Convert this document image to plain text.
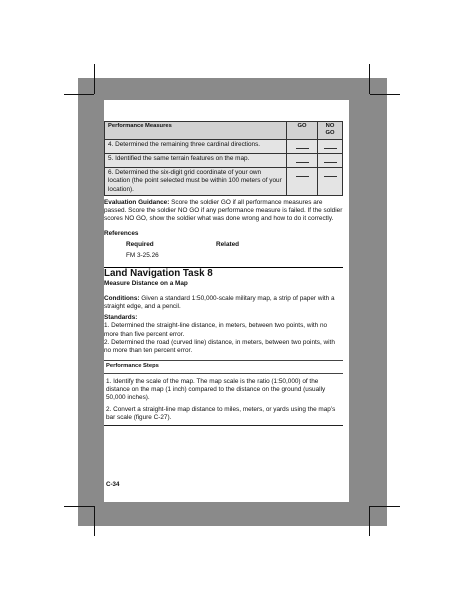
Performance Measures	GO	NO GO
4. Determined the remaining three cardinal directions.		
5. Identified the same terrain features on the map.		
6. Determined the six-digit grid coordinate of your own location (the point selected must be within 100 meters of your location).		
Evaluation Guidance: Score the soldier GO if all performance measures are passed. Score the soldier NO GO if any performance measure is failed. If the soldier scores NO GO, show the soldier what was done wrong and how to do it correctly.
References
Required	Related
FM 3-25.26
Land Navigation Task 8
Measure Distance on a Map
Conditions: Given a standard 1:50,000-scale military map, a strip of paper with a straight edge, and a pencil.
Standards:
1. Determined the straight-line distance, in meters, between two points, with no more than five percent error.
2. Determined the road (curved line) distance, in meters, between two points, with no more than ten percent error.
Performance Steps
1. Identify the scale of the map. The map scale is the ratio (1:50,000) of the distance on the map (1 inch) compared to the distance on the ground (usually 50,000 inches).
2. Convert a straight-line map distance to miles, meters, or yards using the map’s bar scale (figure C-27).
C-34
